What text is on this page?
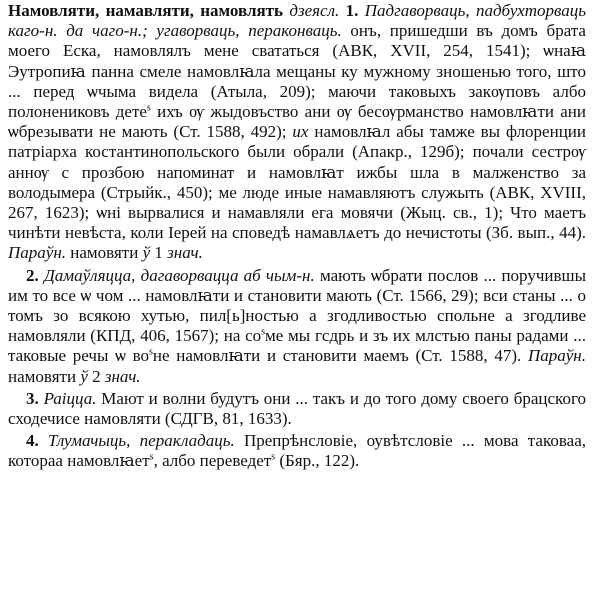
Намовляти, намавляти, намовлять дзеясл. 1. Падгаворваць, падбухторваць каго-н. да чаго-н.; угаворваць, пераконваць. онъ, пришедши въ домъ брата моего Еска, намовлялъ мене свататься (АВК, XVII, 254, 1541); ѡнаꙗ Эутропиꙗ панна смеле намовлꙗла мещаны ку мужному зношенью того, што ... перед ѡчыма видела (Атыла, 209); маючи таковыхъ закѹповъ албо полонениковъ дете$^s$ ихъ ѹ жыдовъство ани ѹ бесѹрманство намовлꙗти ани ѡбрезывати не мають (Ст. 1588, 492); их намовлꙗл абы тамже вы флоренции патріарха костантинопольского были обрали (Апакр., 129б); почали сестрѹ аннѹ с прозбою напоминат и намовлꙗт ижбы шла в малженство за володымера (Стрыйк., 450); ме люде иные намавляютъ служыть (АВК, XVIII, 267, 1623); ѡні вырвалися и намавляли ега мовячи (Жыц. св., 1); Что маетъ чинѣти невѣста, коли Іерей на споведѣ намавлѧетъ до нечистоты (Зб. вып., 44). Параўн. намовяти ў 1 знач.

2. Дамаўляцца, дагаворвацца аб чым-н. мають ѡбрати послов ... поручившы им то все ѡ чом ... намовлꙗти и становити мають (Ст. 1566, 29); вси станы ... о томъ зо всякою хутью, пил[ь]ностью а згодливостью спольне а згодливе намовляли (КПД, 406, 1567); на $со^sме$ мы гсдрь и зъ их млстью паны радами ... таковые речы ѡ $во^sне$ намовлꙗти и становити маемъ (Ст. 1588, 47). Параўн. намовяти ў 2 знач.

3. Раіцца. Мают и волни будутъ они ... такъ и до того дому своего брацского сходечисе намовляти (СДГВ, 81, 1633).

4. Тлумачыць, перакладаць. Препрѣнсловіе, оувѣтсловіе ... мова таковаа, котораа намовлꙗет$^s$, албо переведет$^s$ (Бяр., 122).
